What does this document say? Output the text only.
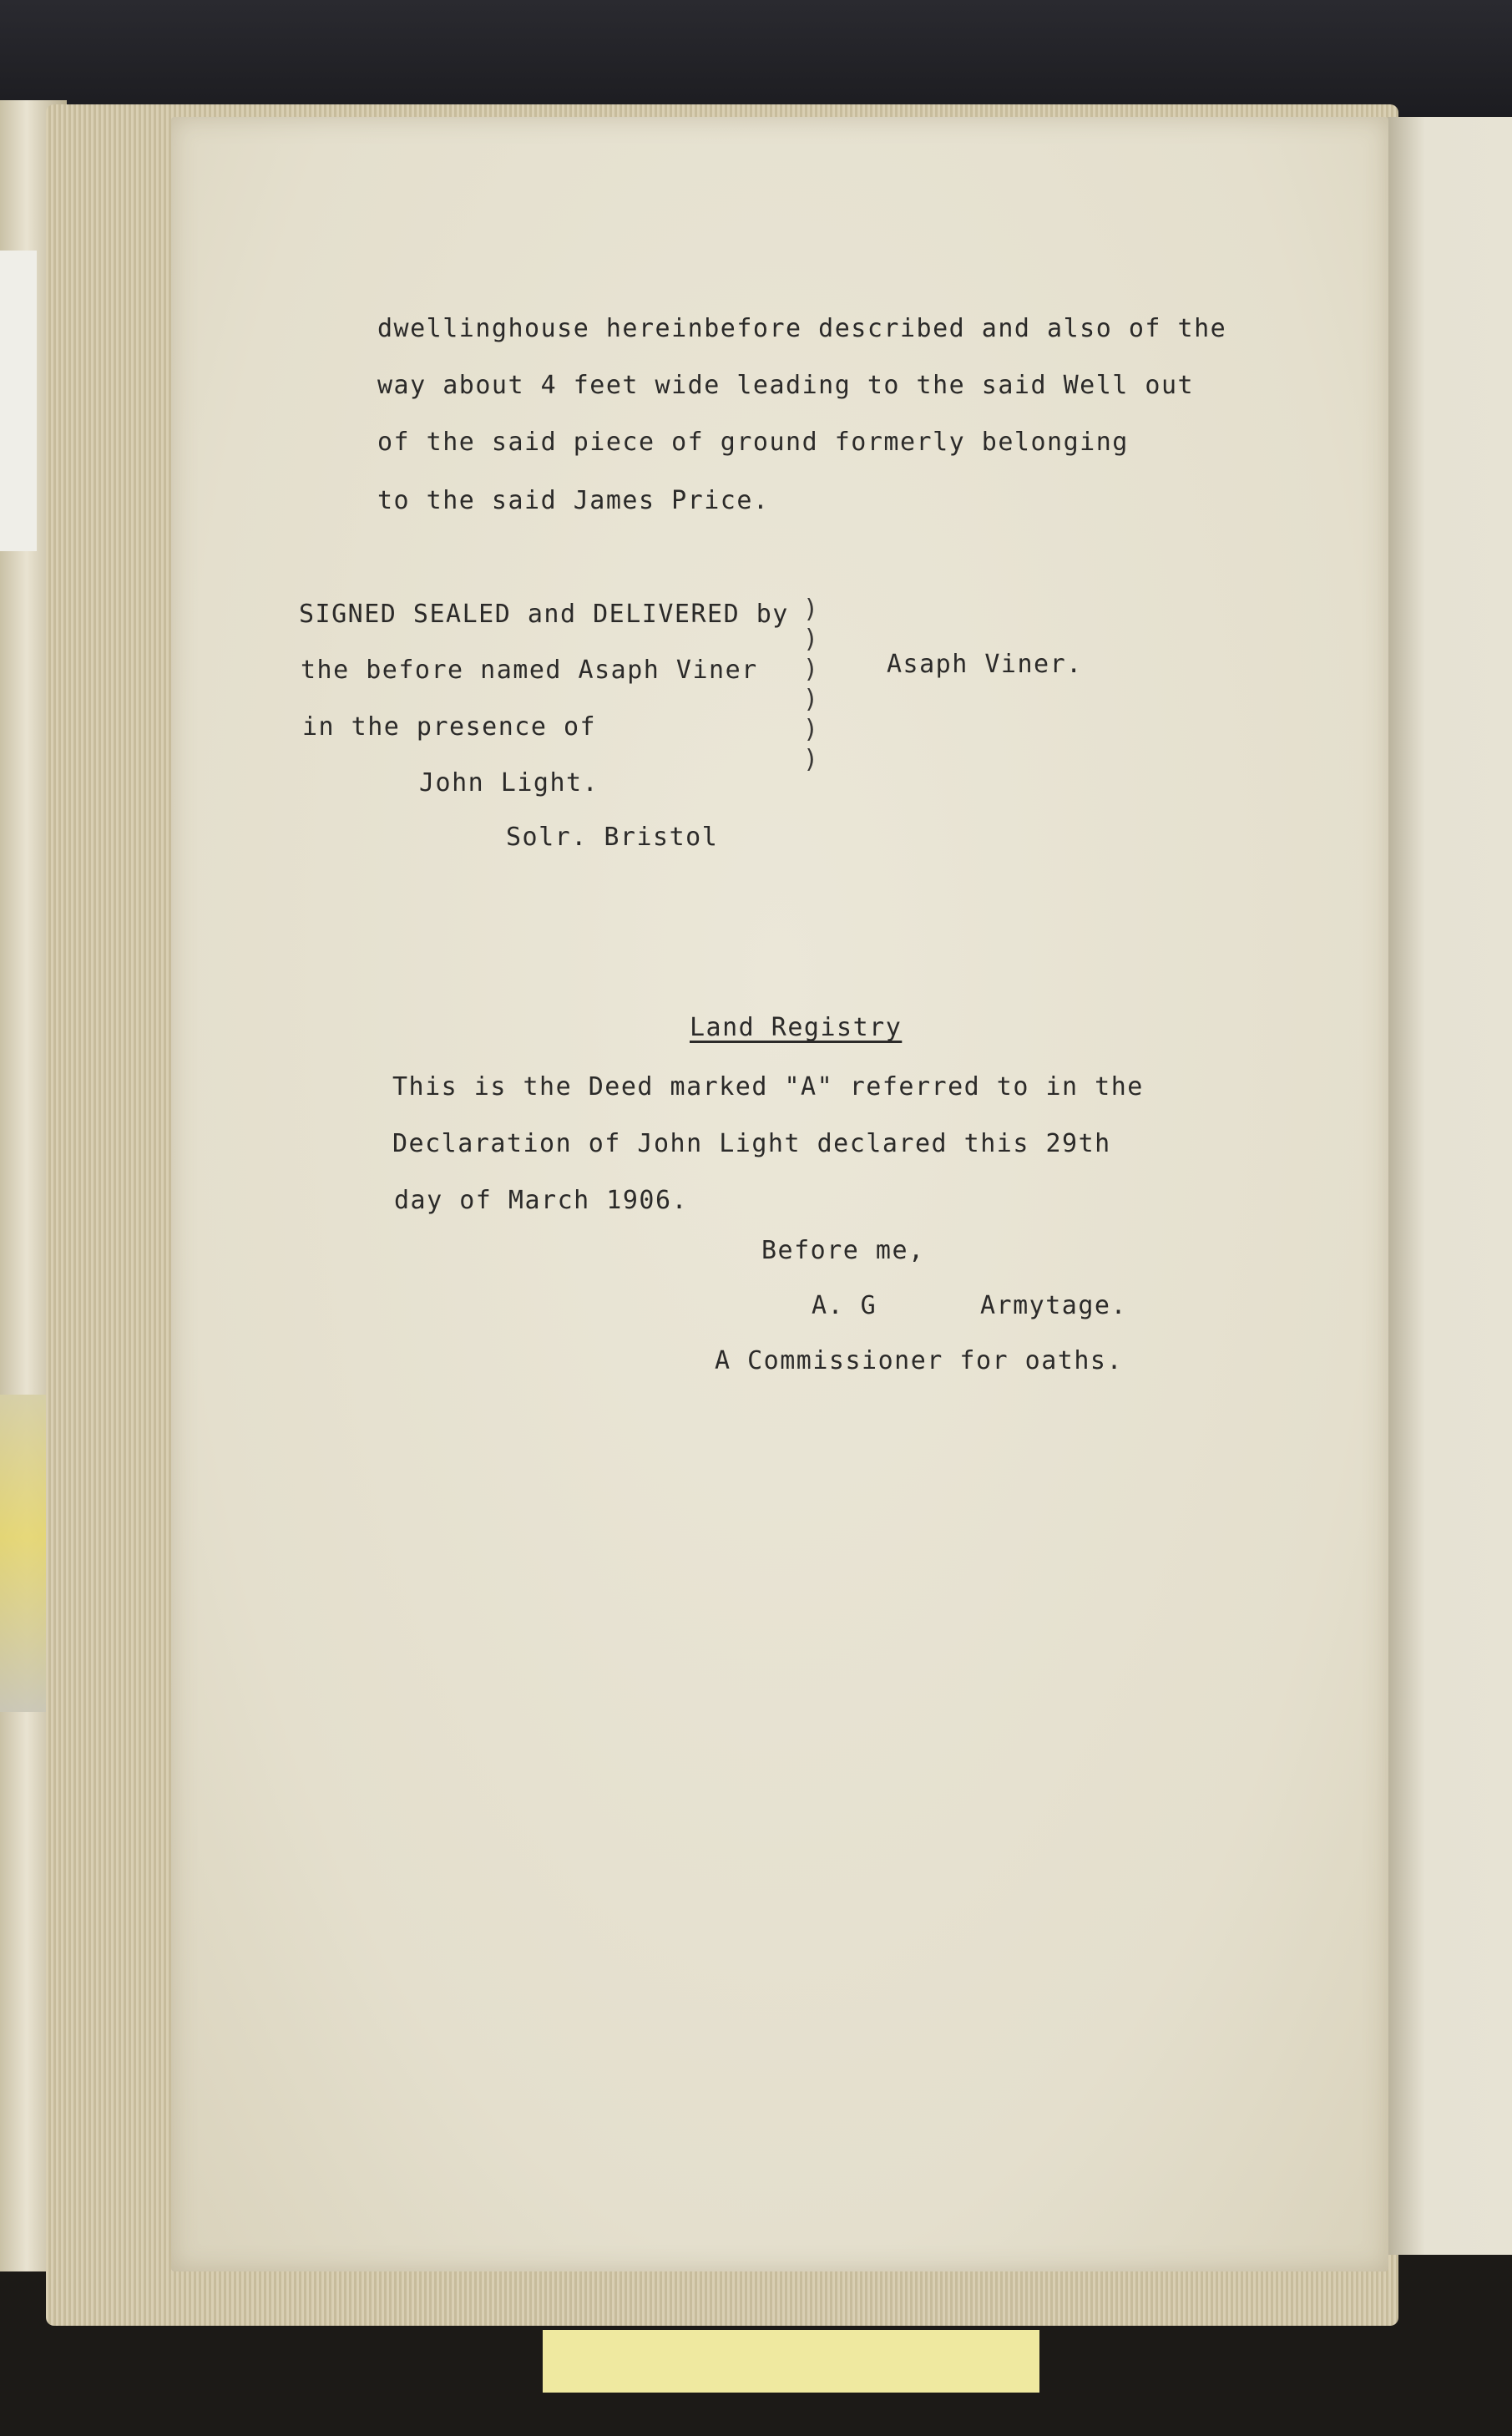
dwellinghouse hereinbefore described and also of the
way about 4 feet wide leading to the said Well out
of the said piece of ground formerly belonging
to the said James Price.
SIGNED SEALED and DELIVERED by
the before named Asaph Viner
in the presence of
)
)
)
)
)
)
Asaph Viner.
John Light.
Solr. Bristol
Land Registry
This is the Deed marked "A" referred to in the
Declaration of John Light declared this 29th
day of March 1906.
Before me,
A. G	Armytage.
A Commissioner for oaths.
